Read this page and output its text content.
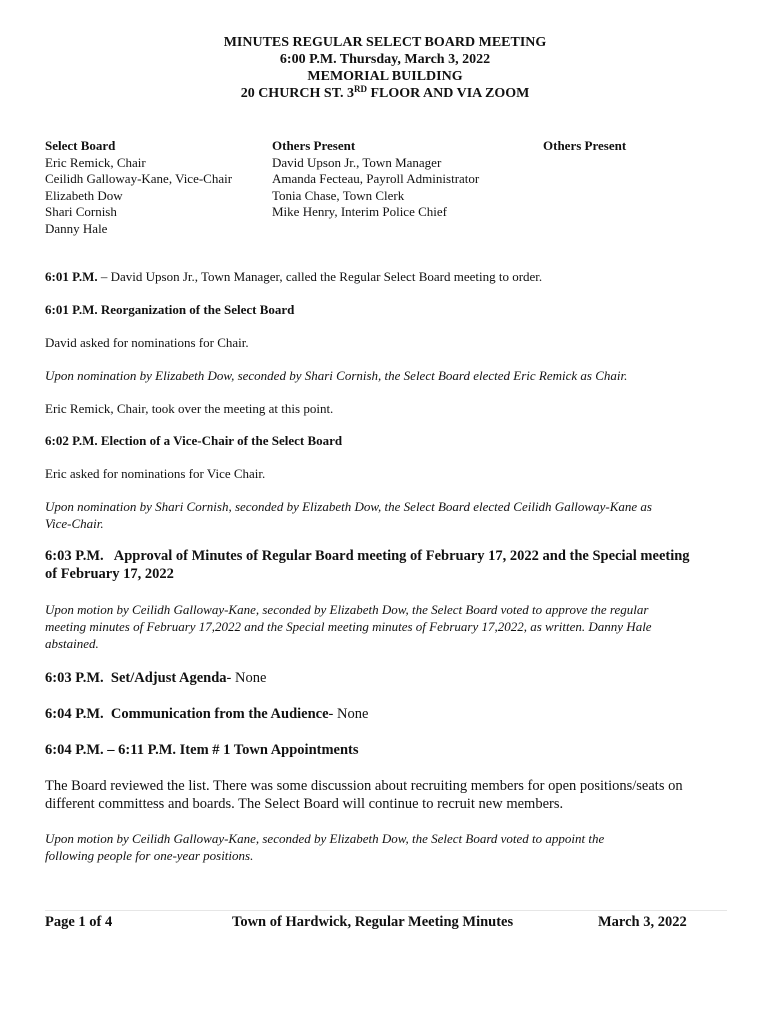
MINUTES REGULAR SELECT BOARD MEETING
6:00 P.M. Thursday, March 3, 2022
MEMORIAL BUILDING
20 CHURCH ST. 3RD FLOOR AND VIA ZOOM
Select Board
Eric Remick, Chair
Ceilidh Galloway-Kane, Vice-Chair
Elizabeth Dow
Shari Cornish
Danny Hale
Others Present
David Upson Jr., Town Manager
Amanda Fecteau, Payroll Administrator
Tonia Chase, Town Clerk
Mike Henry, Interim Police Chief
Others Present
6:01 P.M. – David Upson Jr., Town Manager, called the Regular Select Board meeting to order.
6:01 P.M. Reorganization of the Select Board
David asked for nominations for Chair.
Upon nomination by Elizabeth Dow, seconded by Shari Cornish, the Select Board elected Eric Remick as Chair.
Eric Remick, Chair, took over the meeting at this point.
6:02 P.M. Election of a Vice-Chair of the Select Board
Eric asked for nominations for Vice Chair.
Upon nomination by Shari Cornish, seconded by Elizabeth Dow, the Select Board elected Ceilidh Galloway-Kane as
Vice-Chair.
6:03 P.M.   Approval of Minutes of Regular Board meeting of February 17, 2022 and the Special meeting
of February 17, 2022
Upon motion by Ceilidh Galloway-Kane, seconded by Elizabeth Dow, the Select Board voted to approve the regular
meeting minutes of February 17,2022 and the Special meeting minutes of February 17,2022, as written. Danny Hale
abstained.
6:03 P.M.  Set/Adjust Agenda- None
6:04 P.M.  Communication from the Audience- None
6:04 P.M. – 6:11 P.M. Item # 1 Town Appointments
The Board reviewed the list. There was some discussion about recruiting members for open positions/seats on
different committess and boards. The Select Board will continue to recruit new members.
Upon motion by Ceilidh Galloway-Kane, seconded by Elizabeth Dow, the Select Board voted to appoint the
following people for one-year positions.
Page 1 of 4	Town of Hardwick, Regular Meeting Minutes	March 3, 2022
